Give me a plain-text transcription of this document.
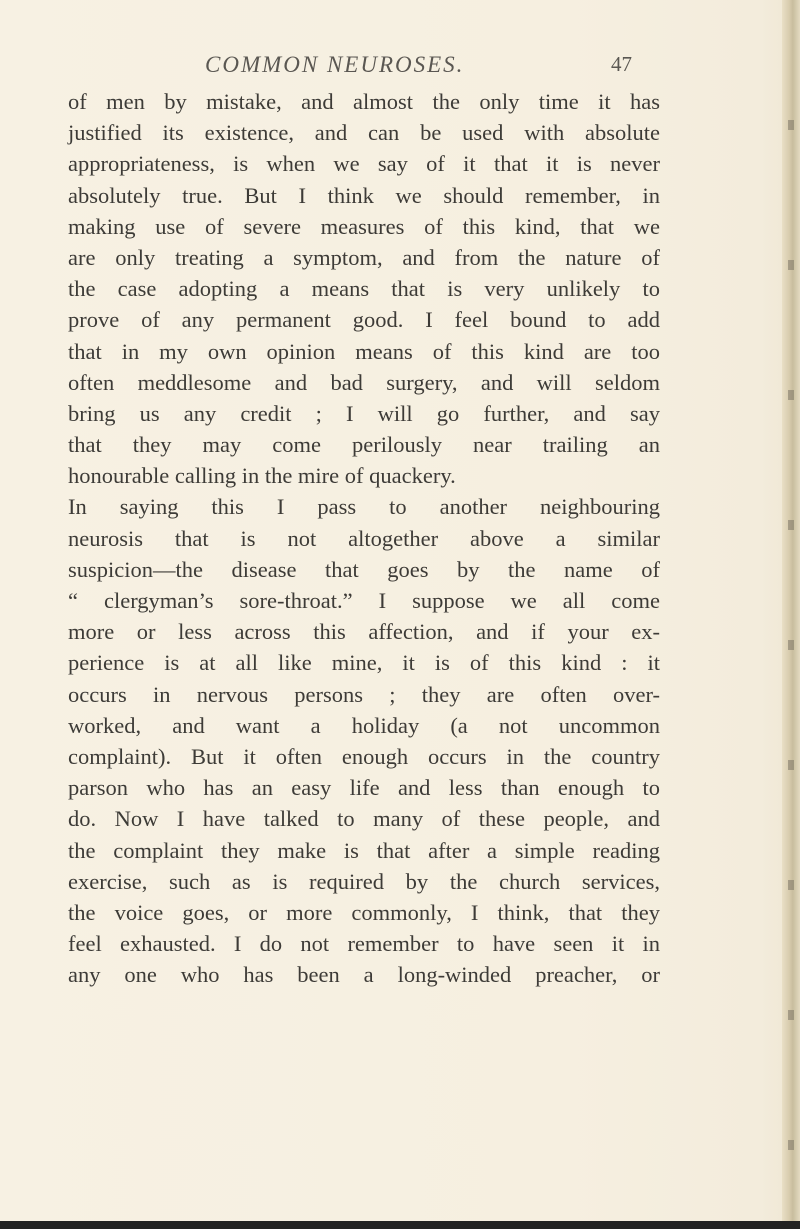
COMMON NEUROSES.	47
of men by mistake, and almost the only time it has
justified its existence, and can be used with absolute
appropriateness, is when we say of it that it is never
absolutely true. But I think we should remember, in
making use of severe measures of this kind, that we
are only treating a symptom, and from the nature of
the case adopting a means that is very unlikely to
prove of any permanent good. I feel bound to add
that in my own opinion means of this kind are too
often meddlesome and bad surgery, and will seldom
bring us any credit ; I will go further, and say
that they may come perilously near trailing an
honourable calling in the mire of quackery.
In saying this I pass to another neighbouring
neurosis that is not altogether above a similar
suspicion—the disease that goes by the name of
“ clergyman’s sore-throat.” I suppose we all come
more or less across this affection, and if your ex-
perience is at all like mine, it is of this kind : it
occurs in nervous persons ; they are often over-
worked, and want a holiday (a not uncommon
complaint). But it often enough occurs in the country
parson who has an easy life and less than enough to
do. Now I have talked to many of these people, and
the complaint they make is that after a simple reading
exercise, such as is required by the church services,
the voice goes, or more commonly, I think, that they
feel exhausted. I do not remember to have seen it in
any one who has been a long-winded preacher, or
